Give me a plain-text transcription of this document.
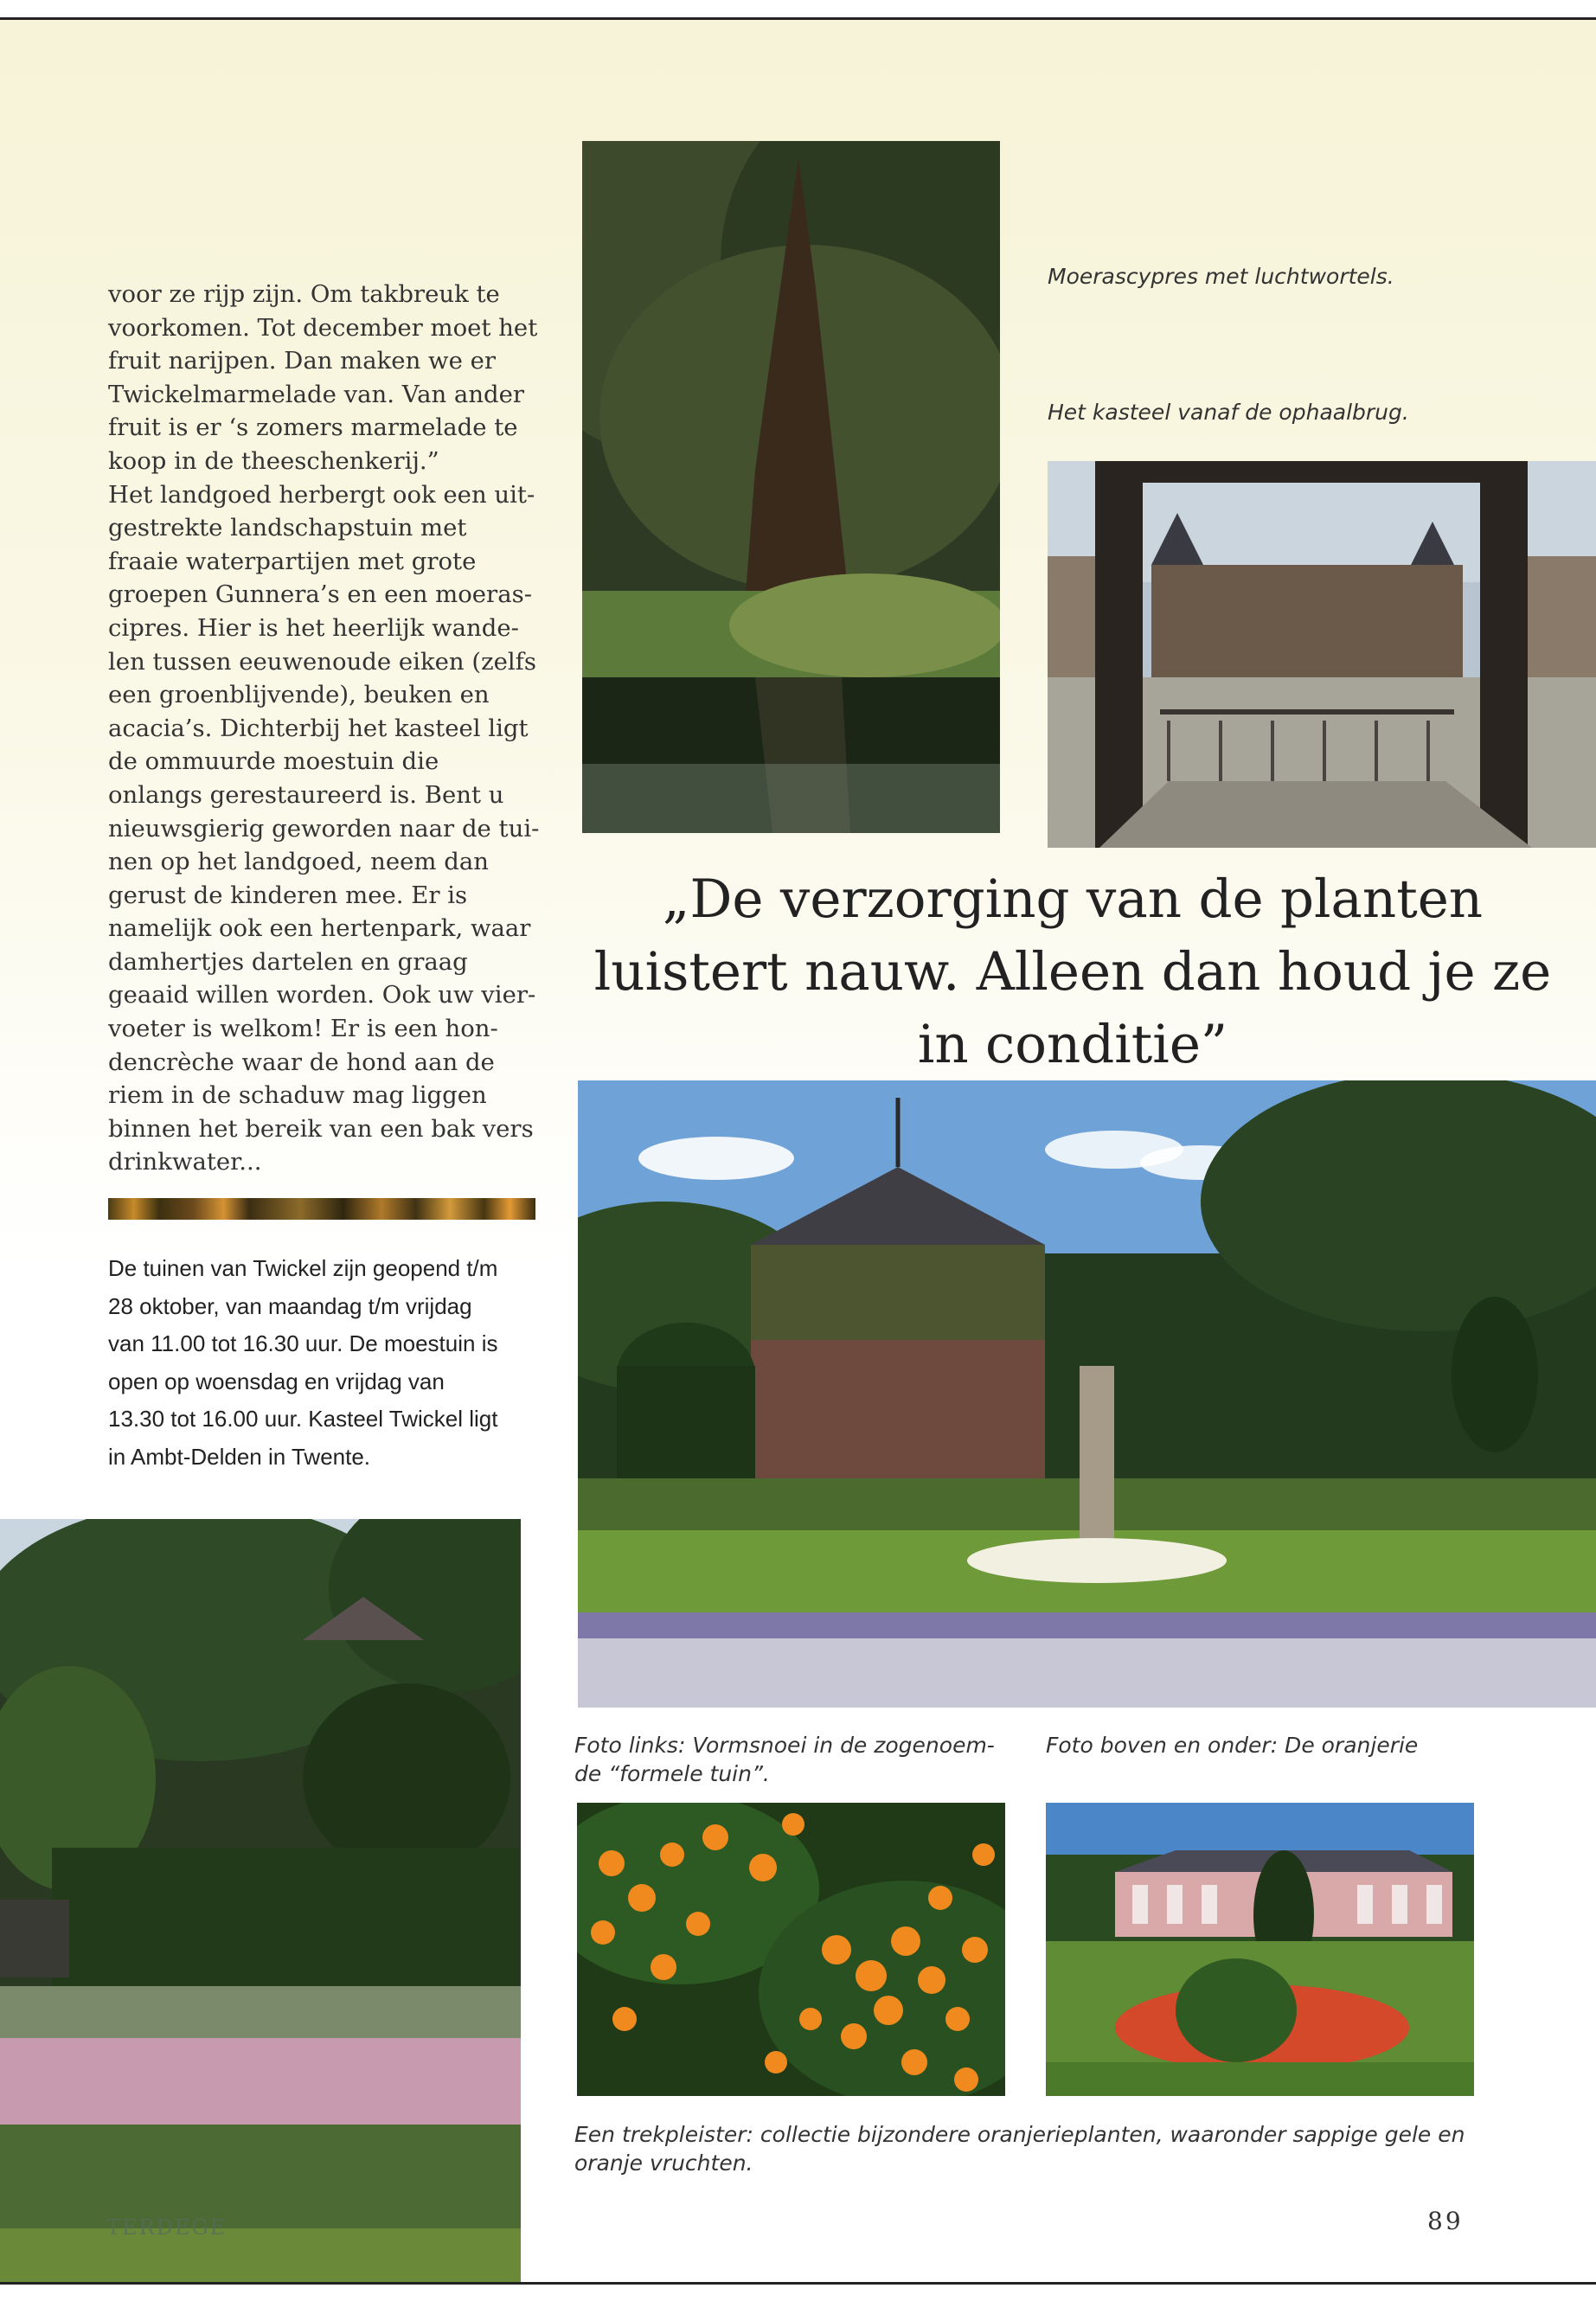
voor ze rijp zijn. Om takbreuk te
voorkomen. Tot december moet het
fruit narijpen. Dan maken we er
Twickelmarmelade van. Van ander
fruit is er ‘s zomers marmelade te
koop in de theeschenkerij.”
Het landgoed herbergt ook een uit-
gestrekte landschapstuin met
fraaie waterpartijen met grote
groepen Gunnera’s en een moeras-
cipres. Hier is het heerlijk wande-
len tussen eeuwenoude eiken (zelfs
een groenblijvende), beuken en
acacia’s. Dichterbij het kasteel ligt
de ommuurde moestuin die
onlangs gerestaureerd is. Bent u
nieuwsgierig geworden naar de tui-
nen op het landgoed, neem dan
gerust de kinderen mee. Er is
namelijk ook een hertenpark, waar
damhertjes dartelen en graag
geaaid willen worden. Ook uw vier-
voeter is welkom! Er is een hon-
dencrèche waar de hond aan de
riem in de schaduw mag liggen
binnen het bereik van een bak vers
drinkwater...
De tuinen van Twickel zijn geopend t/m
28 oktober, van maandag t/m vrijdag
van 11.00 tot 16.30 uur. De moestuin is
open op woensdag en vrijdag van
13.30 tot 16.00 uur. Kasteel Twickel ligt
in Ambt-Delden in Twente.
Moerascypres met luchtwortels.
Het kasteel vanaf de ophaalbrug.
„De verzorging van de planten
luistert nauw. Alleen dan houd je ze
in conditie”
Foto links: Vormsnoei in de zogenoem-
de “formele tuin”.
Foto boven en onder: De oranjerie
Een trekpleister: collectie bijzondere oranjerieplanten, waaronder sappige gele en
oranje vruchten.
TERDEGE	89
